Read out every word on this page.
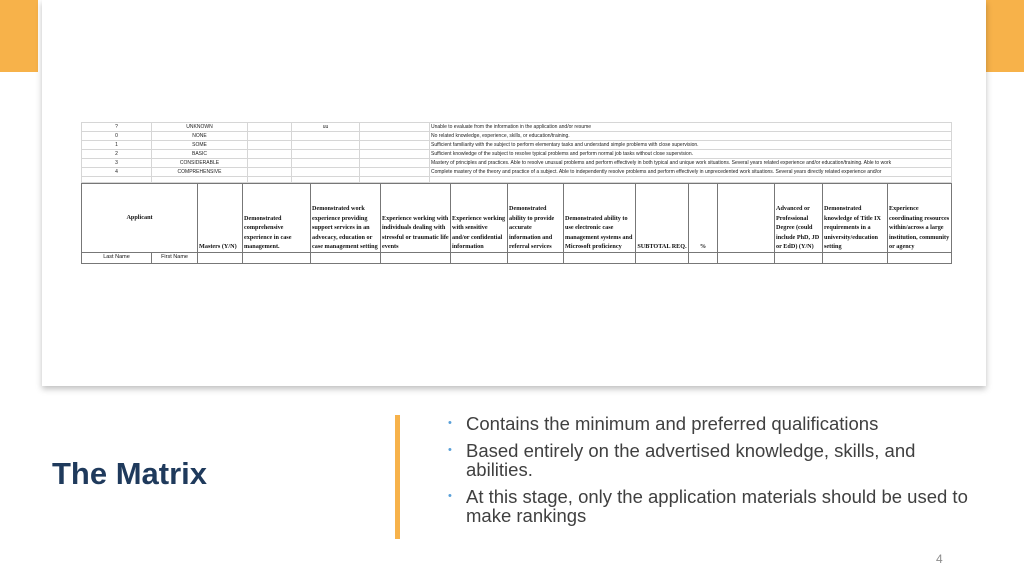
?	UNKNOWN		uu		Unable to evaluate from the information in the application and/or resume
0	NONE				No related knowledge, experience, skills, or education/training.
1	SOME				Sufficient familiarity with the subject to perform elementary tasks and understand simple problems with close supervision.
2	BASIC				Sufficient knowledge of the subject to resolve typical problems and perform normal job tasks without close supervision.
3	CONSIDERABLE				Mastery of principles and practices. Able to resolve unusual problems and perform effectively in both typical and unique work situations. Several years related experience and/or education/training. Able to work
4	COMPREHENSIVE				Complete mastery of the theory and practice of a subject. Able to independently resolve problems and perform effectively in unprecedented work situations. Several years directly related experience and/or

Applicant		Masters (Y/N)	Demonstrated comprehensive experience in case management.	Demonstrated work experience providing support services in an advocacy, education or case management setting	Experience working with individuals dealing with stressful or traumatic life events	Experience working with sensitive and/or confidential information	Demonstrated ability to provide accurate information and referral services	Demonstrated ability to use electronic case management systems and Microsoft proficiency	SUBTOTAL REQ.	%		Advanced or Professional Degree (could include PhD, JD or EdD) (Y/N)	Demonstrated knowledge of Title IX requirements in a university/education setting	Experience coordinating resources within/across a large institution, community or agency
Last Name	First Name													
The Matrix
• Contains the minimum and preferred qualifications
• Based entirely on the advertised knowledge, skills, and abilities.
• At this stage, only the application materials should be used to make rankings
4
